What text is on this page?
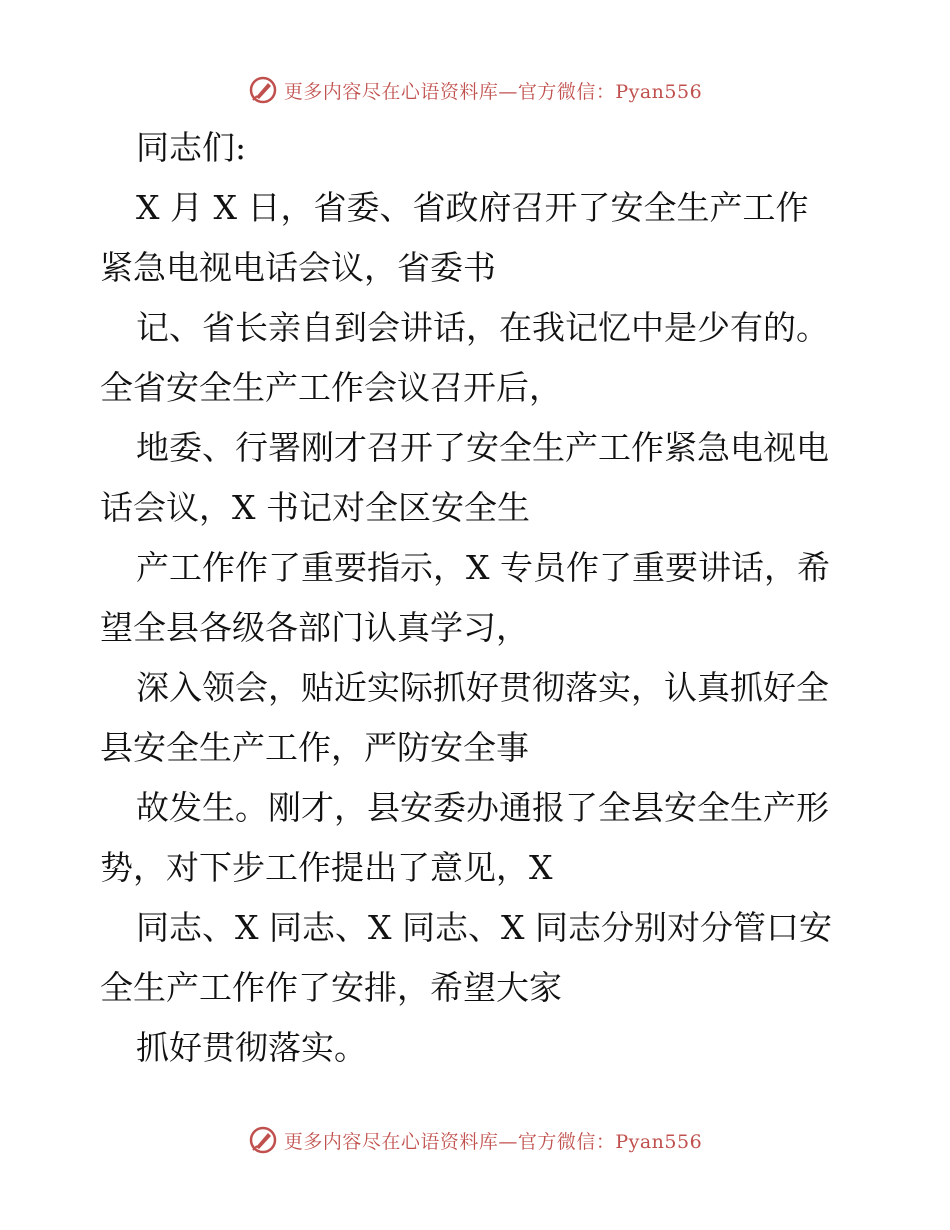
更多内容尽在心语资料库—官方微信：Pyan556
同志们:
X 月 X 日，省委、省政府召开了安全生产工作
紧急电视电话会议，省委书
记、省长亲自到会讲话，在我记忆中是少有的。
全省安全生产工作会议召开后，
地委、行署刚才召开了安全生产工作紧急电视电
话会议，X 书记对全区安全生
产工作作了重要指示，X 专员作了重要讲话，希
望全县各级各部门认真学习，
深入领会，贴近实际抓好贯彻落实，认真抓好全
县安全生产工作，严防安全事
故发生。刚才，县安委办通报了全县安全生产形
势，对下步工作提出了意见，X
同志、X 同志、X 同志、X 同志分别对分管口安
全生产工作作了安排，希望大家
抓好贯彻落实。
更多内容尽在心语资料库—官方微信：Pyan556
